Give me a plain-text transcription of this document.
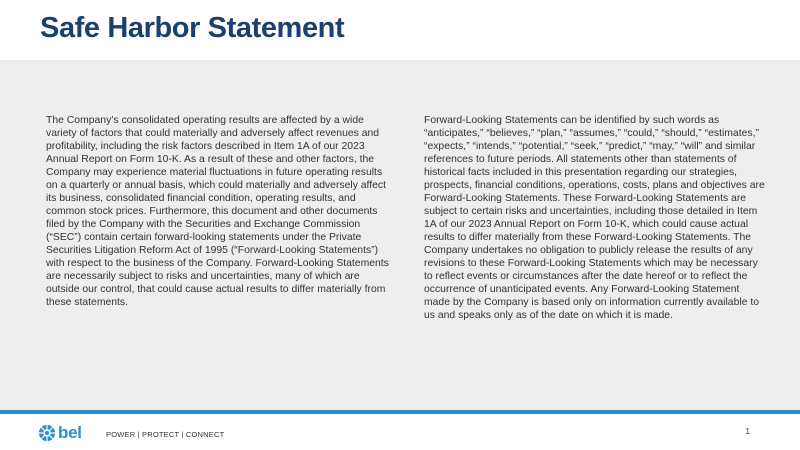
Safe Harbor Statement

The Company’s consolidated operating results are affected by a wide variety of factors that could materially and adversely affect revenues and profitability, including the risk factors described in Item 1A of our 2023 Annual Report on Form 10-K. As a result of these and other factors, the Company may experience material fluctuations in future operating results on a quarterly or annual basis, which could materially and adversely affect its business, consolidated financial condition, operating results, and common stock prices. Furthermore, this document and other documents filed by the Company with the Securities and Exchange Commission (“SEC”) contain certain forward-looking statements under the Private Securities Litigation Reform Act of 1995 (“Forward-Looking Statements”) with respect to the business of the Company. Forward-Looking Statements are necessarily subject to risks and uncertainties, many of which are outside our control, that could cause actual results to differ materially from these statements.

Forward-Looking Statements can be identified by such words as “anticipates,” “believes,” “plan,” “assumes,” “could,” “should,” “estimates,” “expects,” “intends,” “potential,” “seek,” “predict,” “may,” “will” and similar references to future periods. All statements other than statements of historical facts included in this presentation regarding our strategies, prospects, financial conditions, operations, costs, plans and objectives are Forward-Looking Statements. These Forward-Looking Statements are subject to certain risks and uncertainties, including those detailed in Item 1A of our 2023 Annual Report on Form 10-K, which could cause actual results to differ materially from these Forward-Looking Statements. The Company undertakes no obligation to publicly release the results of any revisions to these Forward-Looking Statements which may be necessary to reflect events or circumstances after the date hereof or to reflect the occurrence of unanticipated events. Any Forward-Looking Statement made by the Company is based only on information currently available to us and speaks only as of the date on which it is made.

bel	POWER | PROTECT | CONNECT	1
